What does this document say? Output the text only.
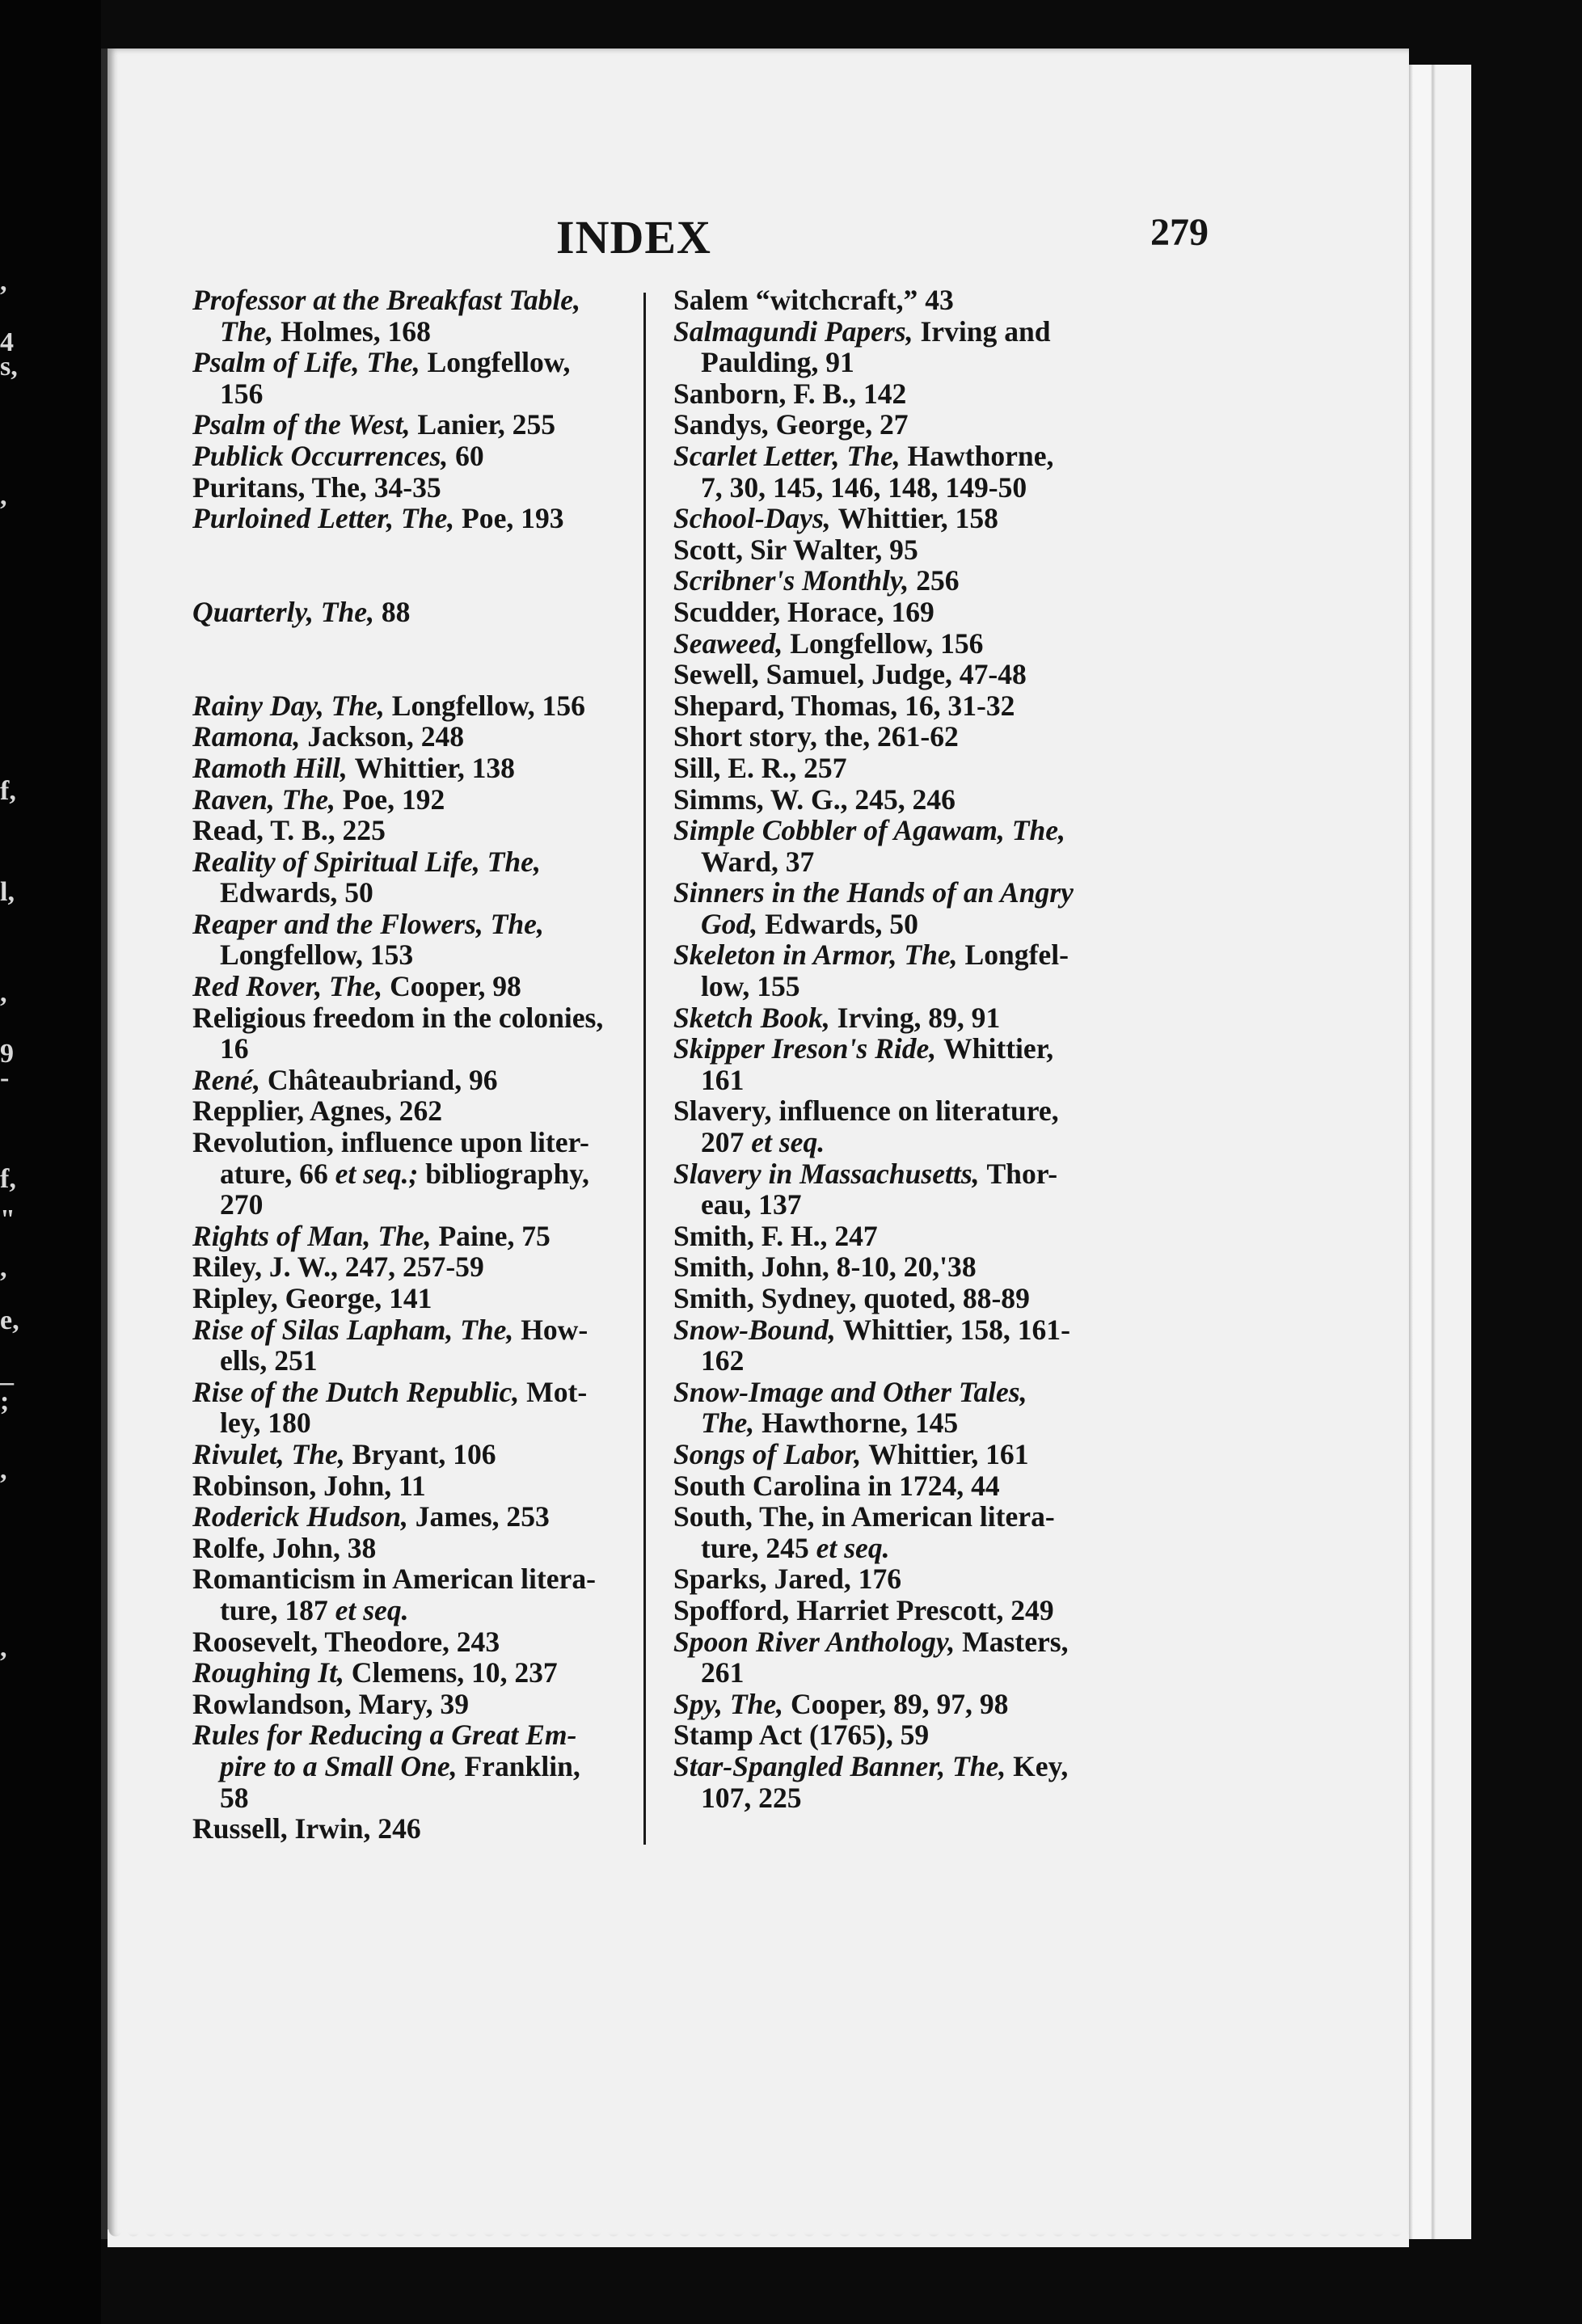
,
4
s,
,
f,
l,
,
9
-
f,
"
,
e,
_
;
,
,
INDEX	279
Professor at the Breakfast Table,
The, Holmes, 168
Psalm of Life, The, Longfellow,
156
Psalm of the West, Lanier, 255
Publick Occurrences, 60
Puritans, The, 34-35
Purloined Letter, The, Poe, 193
Quarterly, The, 88
Rainy Day, The, Longfellow, 156
Ramona, Jackson, 248
Ramoth Hill, Whittier, 138
Raven, The, Poe, 192
Read, T. B., 225
Reality of Spiritual Life, The,
Edwards, 50
Reaper and the Flowers, The,
Longfellow, 153
Red Rover, The, Cooper, 98
Religious freedom in the colonies,
16
René, Châteaubriand, 96
Repplier, Agnes, 262
Revolution, influence upon liter-
ature, 66 et seq.; bibliography,
270
Rights of Man, The, Paine, 75
Riley, J. W., 247, 257-59
Ripley, George, 141
Rise of Silas Lapham, The, How-
ells, 251
Rise of the Dutch Republic, Mot-
ley, 180
Rivulet, The, Bryant, 106
Robinson, John, 11
Roderick Hudson, James, 253
Rolfe, John, 38
Romanticism in American litera-
ture, 187 et seq.
Roosevelt, Theodore, 243
Roughing It, Clemens, 10, 237
Rowlandson, Mary, 39
Rules for Reducing a Great Em-
pire to a Small One, Franklin,
58
Russell, Irwin, 246
Salem “witchcraft,” 43
Salmagundi Papers, Irving and
Paulding, 91
Sanborn, F. B., 142
Sandys, George, 27
Scarlet Letter, The, Hawthorne,
7, 30, 145, 146, 148, 149-50
School-Days, Whittier, 158
Scott, Sir Walter, 95
Scribner's Monthly, 256
Scudder, Horace, 169
Seaweed, Longfellow, 156
Sewell, Samuel, Judge, 47-48
Shepard, Thomas, 16, 31-32
Short story, the, 261-62
Sill, E. R., 257
Simms, W. G., 245, 246
Simple Cobbler of Agawam, The,
Ward, 37
Sinners in the Hands of an Angry
God, Edwards, 50
Skeleton in Armor, The, Longfel-
low, 155
Sketch Book, Irving, 89, 91
Skipper Ireson's Ride, Whittier,
161
Slavery, influence on literature,
207 et seq.
Slavery in Massachusetts, Thor-
eau, 137
Smith, F. H., 247
Smith, John, 8-10, 20,'38
Smith, Sydney, quoted, 88-89
Snow-Bound, Whittier, 158, 161-
162
Snow-Image and Other Tales,
The, Hawthorne, 145
Songs of Labor, Whittier, 161
South Carolina in 1724, 44
South, The, in American litera-
ture, 245 et seq.
Sparks, Jared, 176
Spofford, Harriet Prescott, 249
Spoon River Anthology, Masters,
261
Spy, The, Cooper, 89, 97, 98
Stamp Act (1765), 59
Star-Spangled Banner, The, Key,
107, 225
